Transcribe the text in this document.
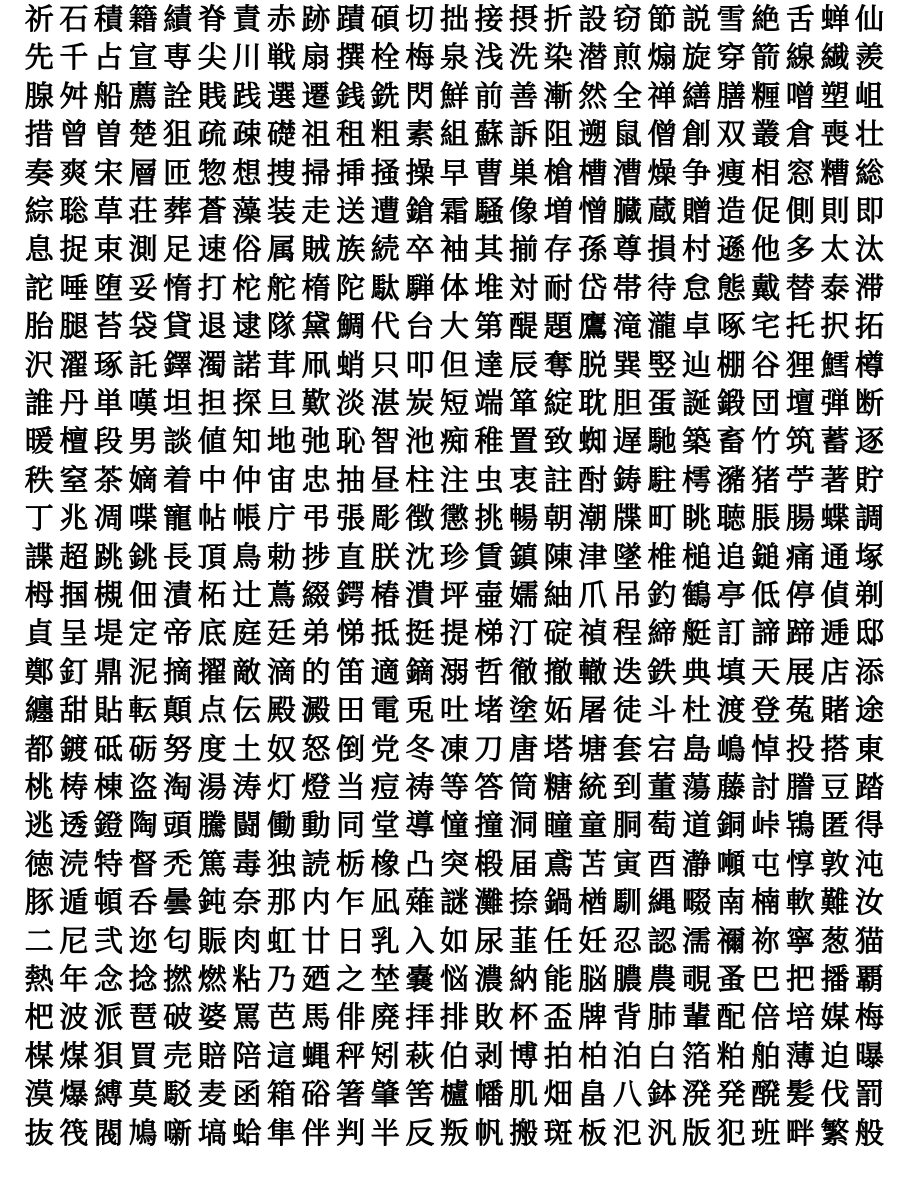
祈 石 積 籍 績 脊 責 赤 跡 蹟 碩 切 拙 接 摂 折 設 窃 節 説 雪 絶 舌 蝉 仙
先 千 占 宣 専 尖 川 戦 扇 撰 栓 梅 泉 浅 洗 染 潜 煎 煽 旋 穿 箭 線 繊 羨
腺 舛 船 薦 詮 賎 践 選 遷 銭 銑 閃 鮮 前 善 漸 然 全 禅 繕 膳 糎 噌 塑 岨
措 曾 曽 楚 狙 疏 疎 礎 祖 租 粗 素 組 蘇 訴 阻 遡 鼠 僧 創 双 叢 倉 喪 壮
奏 爽 宋 層 匝 惣 想 捜 掃 挿 掻 操 早 曹 巣 槍 槽 漕 燥 争 痩 相 窓 糟 総
綜 聡 草 荘 葬 蒼 藻 装 走 送 遭 鎗 霜 騒 像 増 憎 臓 蔵 贈 造 促 側 則 即
息 捉 束 測 足 速 俗 属 賊 族 続 卒 袖 其 揃 存 孫 尊 損 村 遜 他 多 太 汰
詑 唾 堕 妥 惰 打 柁 舵 楕 陀 駄 騨 体 堆 対 耐 岱 帯 待 怠 態 戴 替 泰 滞
胎 腿 苔 袋 貸 退 逮 隊 黛 鯛 代 台 大 第 醍 題 鷹 滝 瀧 卓 啄 宅 托 択 拓
沢 濯 琢 託 鐸 濁 諾 茸 凧 蛸 只 叩 但 達 辰 奪 脱 巽 竪 辿 棚 谷 狸 鱈 樽
誰 丹 単 嘆 坦 担 探 旦 歎 淡 湛 炭 短 端 箪 綻 耽 胆 蛋 誕 鍛 団 壇 弾 断
暖 檀 段 男 談 値 知 地 弛 恥 智 池 痴 稚 置 致 蜘 遅 馳 築 畜 竹 筑 蓄 逐
秩 窒 茶 嫡 着 中 仲 宙 忠 抽 昼 柱 注 虫 衷 註 酎 鋳 駐 樗 瀦 猪 苧 著 貯
丁 兆 凋 喋 寵 帖 帳 庁 弔 張 彫 徴 懲 挑 暢 朝 潮 牒 町 眺 聴 脹 腸 蝶 調
諜 超 跳 銚 長 頂 鳥 勅 捗 直 朕 沈 珍 賃 鎮 陳 津 墜 椎 槌 追 鎚 痛 通 塚
栂 掴 槻 佃 漬 柘 辻 蔦 綴 鍔 椿 潰 坪 壷 嬬 紬 爪 吊 釣 鶴 亭 低 停 偵 剃
貞 呈 堤 定 帝 底 庭 廷 弟 悌 抵 挺 提 梯 汀 碇 禎 程 締 艇 訂 諦 蹄 逓 邸
鄭 釘 鼎 泥 摘 擢 敵 滴 的 笛 適 鏑 溺 哲 徹 撤 轍 迭 鉄 典 填 天 展 店 添
纏 甜 貼 転 顛 点 伝 殿 澱 田 電 兎 吐 堵 塗 妬 屠 徒 斗 杜 渡 登 菟 賭 途
都 鍍 砥 砺 努 度 土 奴 怒 倒 党 冬 凍 刀 唐 塔 塘 套 宕 島 嶋 悼 投 搭 東
桃 梼 棟 盗 淘 湯 涛 灯 燈 当 痘 祷 等 答 筒 糖 統 到 董 蕩 藤 討 謄 豆 踏
逃 透 鐙 陶 頭 騰 闘 働 動 同 堂 導 憧 撞 洞 瞳 童 胴 萄 道 銅 峠 鴇 匿 得
徳 涜 特 督 禿 篤 毒 独 読 栃 橡 凸 突 椴 届 鳶 苫 寅 酉 瀞 噸 屯 惇 敦 沌
豚 遁 頓 呑 曇 鈍 奈 那 内 乍 凪 薙 謎 灘 捺 鍋 楢 馴 縄 畷 南 楠 軟 難 汝
二 尼 弐 迩 匂 賑 肉 虹 廿 日 乳 入 如 尿 韮 任 妊 忍 認 濡 禰 祢 寧 葱 猫
熱 年 念 捻 撚 燃 粘 乃 廼 之 埜 嚢 悩 濃 納 能 脳 膿 農 覗 蚤 巴 把 播 覇
杷 波 派 琶 破 婆 罵 芭 馬 俳 廃 拝 排 敗 杯 盃 牌 背 肺 輩 配 倍 培 媒 梅
楳 煤 狽 買 売 賠 陪 這 蝿 秤 矧 萩 伯 剥 博 拍 柏 泊 白 箔 粕 舶 薄 迫 曝
漠 爆 縛 莫 駁 麦 函 箱 硲 箸 肇 筈 櫨 幡 肌 畑 畠 八 鉢 溌 発 醗 髪 伐 罰
抜 筏 閥 鳩 噺 塙 蛤 隼 伴 判 半 反 叛 帆 搬 斑 板 氾 汎 版 犯 班 畔 繁 般
